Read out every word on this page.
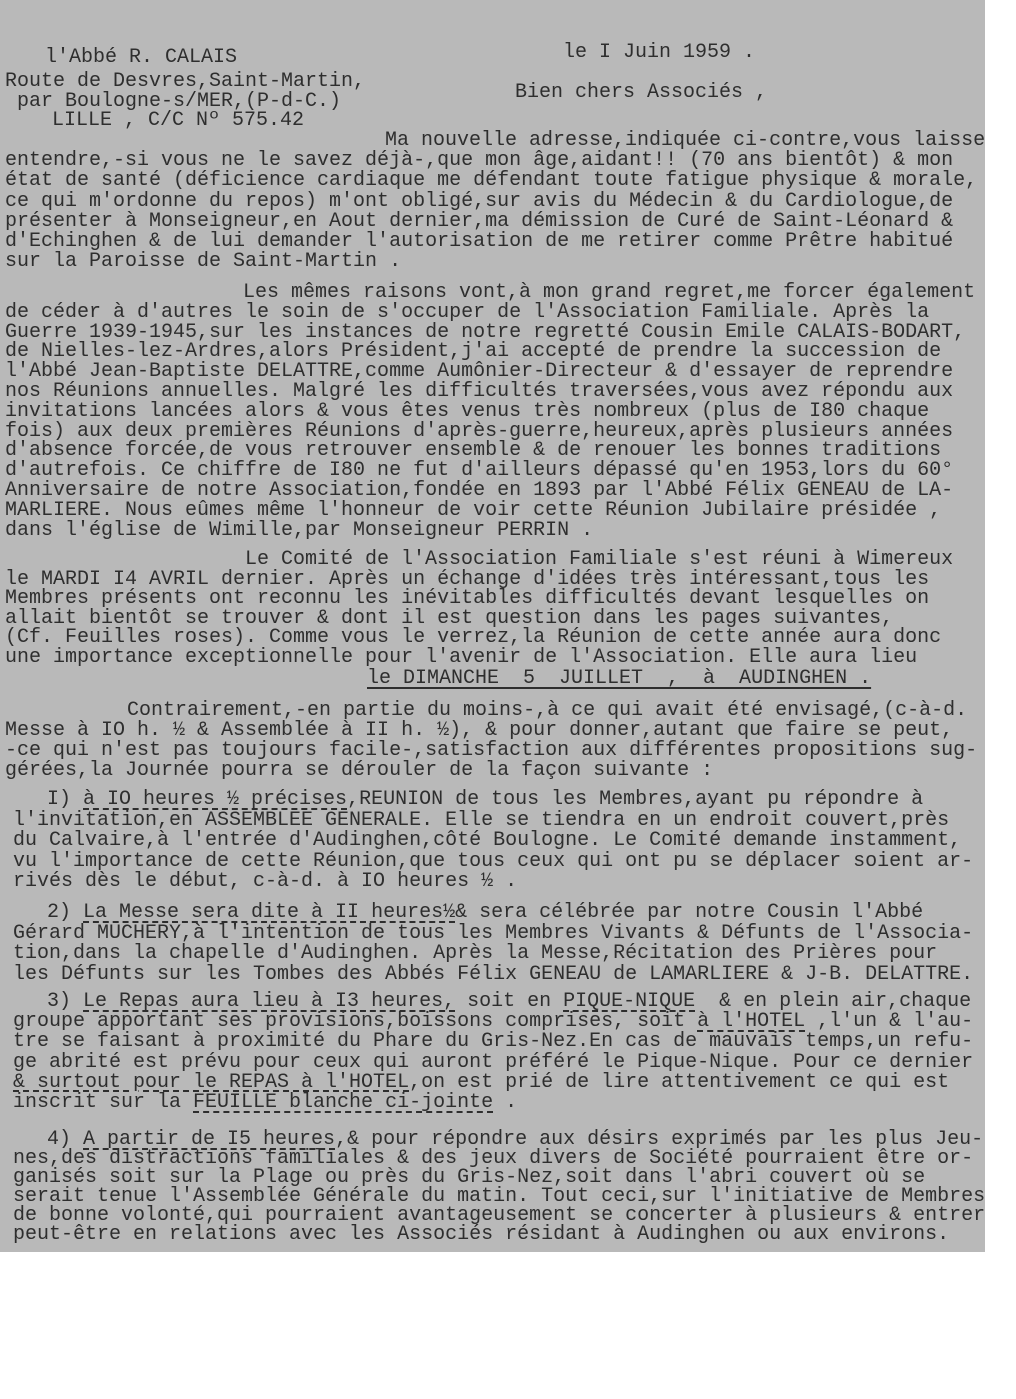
l'Abbé R. CALAIS
Route de Desvres,Saint-Martin,
par Boulogne-s/MER,(P-d-C.)
LILLE , C/C Nº 575.42
le I Juin 1959 .
Bien chers Associés ,
Ma nouvelle adresse,indiquée ci-contre,vous laisse
entendre,-si vous ne le savez déjà-,que mon âge,aidant!! (70 ans bientôt) & mon
état de santé (déficience cardiaque me défendant toute fatigue physique & morale,
ce qui m'ordonne du repos) m'ont obligé,sur avis du Médecin & du Cardiologue,de
présenter à Monseigneur,en Aout dernier,ma démission de Curé de Saint-Léonard &
d'Echinghen & de lui demander l'autorisation de me retirer comme Prêtre habitué
sur la Paroisse de Saint-Martin .
Les mêmes raisons vont,à mon grand regret,me forcer également
de céder à d'autres le soin de s'occuper de l'Association Familiale. Après la
Guerre 1939-1945,sur les instances de notre regretté Cousin Emile CALAIS-BODART,
de Nielles-lez-Ardres,alors Président,j'ai accepté de prendre la succession de
l'Abbé Jean-Baptiste DELATTRE,comme Aumônier-Directeur & d'essayer de reprendre
nos Réunions annuelles. Malgré les difficultés traversées,vous avez répondu aux
invitations lancées alors & vous êtes venus très nombreux (plus de I80 chaque
fois) aux deux premières Réunions d'après-guerre,heureux,après plusieurs années
d'absence forcée,de vous retrouver ensemble & de renouer les bonnes traditions
d'autrefois. Ce chiffre de I80 ne fut d'ailleurs dépassé qu'en 1953,lors du 60°
Anniversaire de notre Association,fondée en 1893 par l'Abbé Félix GENEAU de LA-
MARLIERE. Nous eûmes même l'honneur de voir cette Réunion Jubilaire présidée ,
dans l'église de Wimille,par Monseigneur PERRIN .
Le Comité de l'Association Familiale s'est réuni à Wimereux
le MARDI I4 AVRIL dernier. Après un échange d'idées très intéressant,tous les
Membres présents ont reconnu les inévitables difficultés devant lesquelles on
allait bientôt se trouver & dont il est question dans les pages suivantes,
(Cf. Feuilles roses). Comme vous le verrez,la Réunion de cette année aura donc
une importance exceptionnelle pour l'avenir de l'Association. Elle aura lieu
le DIMANCHE  5  JUILLET  ,  à  AUDINGHEN .
Contrairement,-en partie du moins-,à ce qui avait été envisagé,(c-à-d.
Messe à IO h. ½ & Assemblée à II h. ½), & pour donner,autant que faire se peut,
-ce qui n'est pas toujours facile-,satisfaction aux différentes propositions sug-
gérées,la Journée pourra se dérouler de la façon suivante :
I) à IO heures ½ précises,REUNION de tous les Membres,ayant pu répondre à
l'invitation,en ASSEMBLEE GENERALE. Elle se tiendra en un endroit couvert,près
du Calvaire,à l'entrée d'Audinghen,côté Boulogne. Le Comité demande instamment,
vu l'importance de cette Réunion,que tous ceux qui ont pu se déplacer soient ar-
rivés dès le début, c-à-d. à IO heures ½ .
2) La Messe sera dite à II heures½& sera célébrée par notre Cousin l'Abbé
Gérard MUCHERY,à l'intention de tous les Membres Vivants & Défunts de l'Associa-
tion,dans la chapelle d'Audinghen. Après la Messe,Récitation des Prières pour
les Défunts sur les Tombes des Abbés Félix GENEAU de LAMARLIERE & J-B. DELATTRE.
3) Le Repas aura lieu à I3 heures, soit en PIQUE-NIQUE  & en plein air,chaque
groupe apportant ses provisions,boissons comprises, soit à l'HOTEL ,l'un & l'au-
tre se faisant à proximité du Phare du Gris-Nez.En cas de mauvais temps,un refu-
ge abrité est prévu pour ceux qui auront préféré le Pique-Nique. Pour ce dernier
& surtout pour le REPAS à l'HOTEL,on est prié de lire attentivement ce qui est
inscrit sur la FEUILLE blanche ci-jointe .
4) A partir de I5 heures,& pour répondre aux désirs exprimés par les plus Jeu-
nes,des distractions familiales & des jeux divers de Société pourraient être or-
ganisés soit sur la Plage ou près du Gris-Nez,soit dans l'abri couvert où se
serait tenue l'Assemblée Générale du matin. Tout ceci,sur l'initiative de Membres
de bonne volonté,qui pourraient avantageusement se concerter à plusieurs & entrer
peut-être en relations avec les Associés résidant à Audinghen ou aux environs.
